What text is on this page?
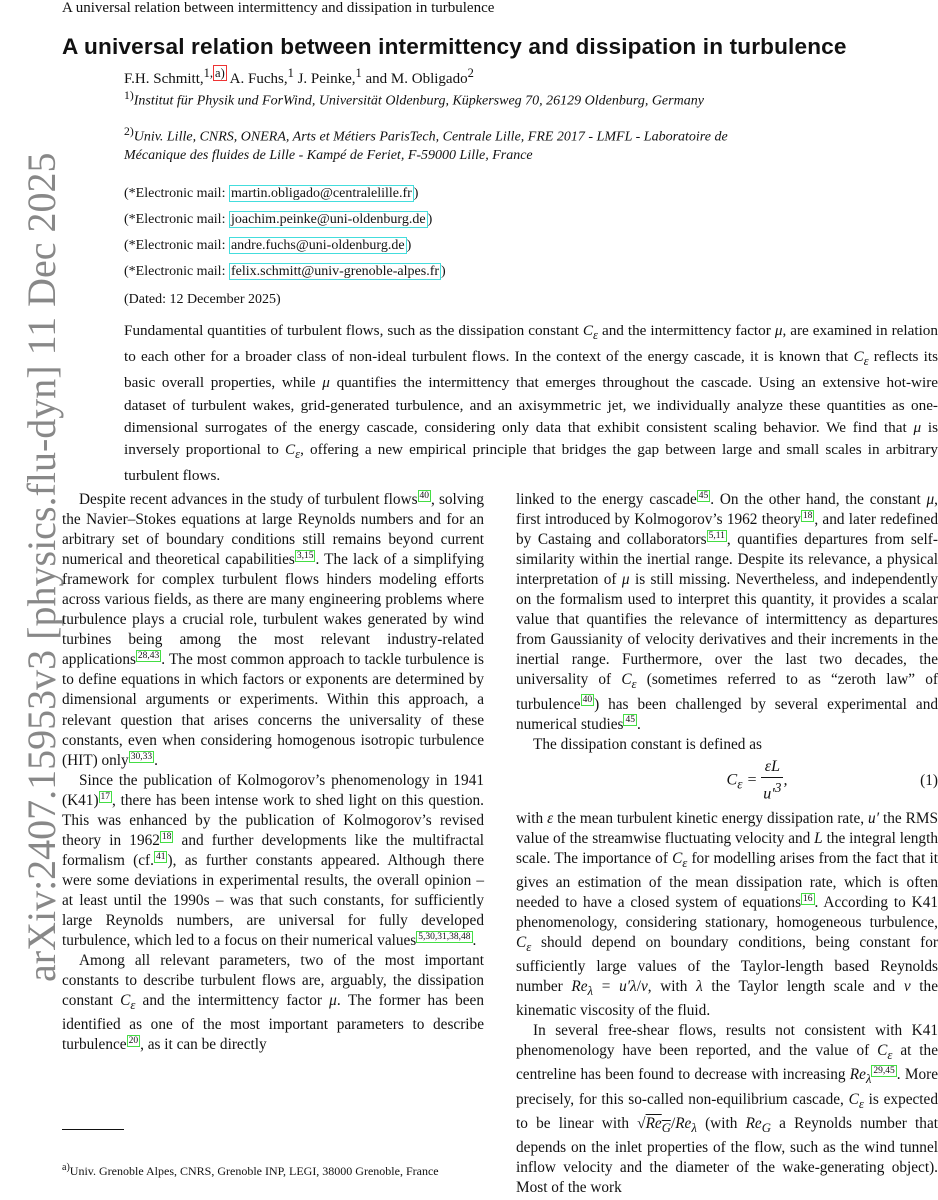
A universal relation between intermittency and dissipation in turbulence
arXiv:2407.15953v3 [physics.flu-dyn] 11 Dec 2025
A universal relation between intermittency and dissipation in turbulence
F.H. Schmitt,$^{1,}$ $^{a)}$ A. Fuchs,$^1$ J. Peinke,$^1$ and M. Obligado$^2$
$^{1)}$Institut für Physik und ForWind, Universität Oldenburg, Küpkersweg 70, 26129 Oldenburg, Germany
$^{2)}$Univ. Lille, CNRS, ONERA, Arts et Métiers ParisTech, Centrale Lille, FRE 2017 - LMFL - Laboratoire de Mécanique des fluides de Lille - Kampé de Feriet, F-59000 Lille, France
(*Electronic mail: martin.obligado@centralelille.fr )
(*Electronic mail: joachim.peinke@uni-oldenburg.de )
(*Electronic mail: andre.fuchs@uni-oldenburg.de )
(*Electronic mail: felix.schmitt@univ-grenoble-alpes.fr )
(Dated: 12 December 2025)
Fundamental quantities of turbulent flows, such as the dissipation constant $C_\varepsilon$ and the intermittency factor μ, are examined in relation to each other for a broader class of non-ideal turbulent flows. In the context of the energy cascade, it is known that $C_\varepsilon$ reflects its basic overall properties, while μ quantifies the intermittency that emerges throughout the cascade. Using an extensive hot-wire dataset of turbulent wakes, grid-generated turbulence, and an axisymmetric jet, we individually analyze these quantities as one-dimensional surrogates of the energy cascade, considering only data that exhibit consistent scaling behavior. We find that μ is inversely proportional to $C_\varepsilon$, offering a new empirical principle that bridges the gap between large and small scales in arbitrary turbulent flows.

Despite recent advances in the study of turbulent flows $^{40}$ , solving the Navier–Stokes equations at large Reynolds numbers and for an arbitrary set of boundary conditions still remains beyond current numerical and theoretical capabilities $^{3,15}$ . The lack of a simplifying framework for complex turbulent flows hinders modeling efforts across various fields, as there are many engineering problems where turbulence plays a crucial role, turbulent wakes generated by wind turbines being among the most relevant industry-related applications $^{28,43}$ . The most common approach to tackle turbulence is to define equations in which factors or exponents are determined by dimensional arguments or experiments. Within this approach, a relevant question that arises concerns the universality of these constants, even when considering homogenous isotropic turbulence (HIT) only $^{30,33}$ .

Since the publication of Kolmogorov’s phenomenology in 1941 (K41) $^{17}$ , there has been intense work to shed light on this question. This was enhanced by the publication of Kolmogorov’s revised theory in 1962 $^{18}$ and further developments like the multifractal formalism (cf. $^{41}$ ), as further constants appeared. Although there were some deviations in experimental results, the overall opinion – at least until the 1990s – was that such constants, for sufficiently large Reynolds numbers, are universal for fully developed turbulence, which led to a focus on their numerical values $^{5,30,31,38,48}$ .

Among all relevant parameters, two of the most important constants to describe turbulent flows are, arguably, the dissipation constant $C_\varepsilon$ and the intermittency factor μ. The former has been identified as one of the most important parameters to describe turbulence $^{20}$ , as it can be directly

linked to the energy cascade $^{45}$ . On the other hand, the constant μ, first introduced by Kolmogorov’s 1962 theory $^{18}$ , and later redefined by Castaing and collaborators $^{5,11}$ , quantifies departures from self-similarity within the inertial range. Despite its relevance, a physical interpretation of μ is still missing. Nevertheless, and independently on the formalism used to interpret this quantity, it provides a scalar value that quantifies the relevance of intermittency as departures from Gaussianity of velocity derivatives and their increments in the inertial range. Furthermore, over the last two decades, the universality of $C_\varepsilon$ (sometimes referred to as “zeroth law” of turbulence $^{40}$ ) has been challenged by several experimental and numerical studies $^{45}$ .

The dissipation constant is defined as

$C_\varepsilon = \frac{\varepsilon L}{u'^3}$ ,	(1)

with ε the mean turbulent kinetic energy dissipation rate, u′ the RMS value of the streamwise fluctuating velocity and L the integral length scale. The importance of $C_\varepsilon$ for modelling arises from the fact that it gives an estimation of the mean dissipation rate, which is often needed to have a closed system of equations $^{16}$ . According to K41 phenomenology, considering stationary, homogeneous turbulence, $C_\varepsilon$ should depend on boundary conditions, being constant for sufficiently large values of the Taylor-length based Reynolds number $Re_\lambda = u'\lambda/\nu$, with λ the Taylor length scale and ν the kinematic viscosity of the fluid.

In several free-shear flows, results not consistent with K41 phenomenology have been reported, and the value of $C_\varepsilon$ at the centreline has been found to decrease with increasing $Re_\lambda^{29,45}$ . More precisely, for this so-called non-equilibrium cascade, $C_\varepsilon$ is expected to be linear with $√Re_G/Re_\lambda$ (with $Re_G$ a Reynolds number that depends on the inlet properties of the flow, such as the wind tunnel inflow velocity and the diameter of the wake-generating object). Most of the work

$^{a)}$Univ. Grenoble Alpes, CNRS, Grenoble INP, LEGI, 38000 Grenoble, France
